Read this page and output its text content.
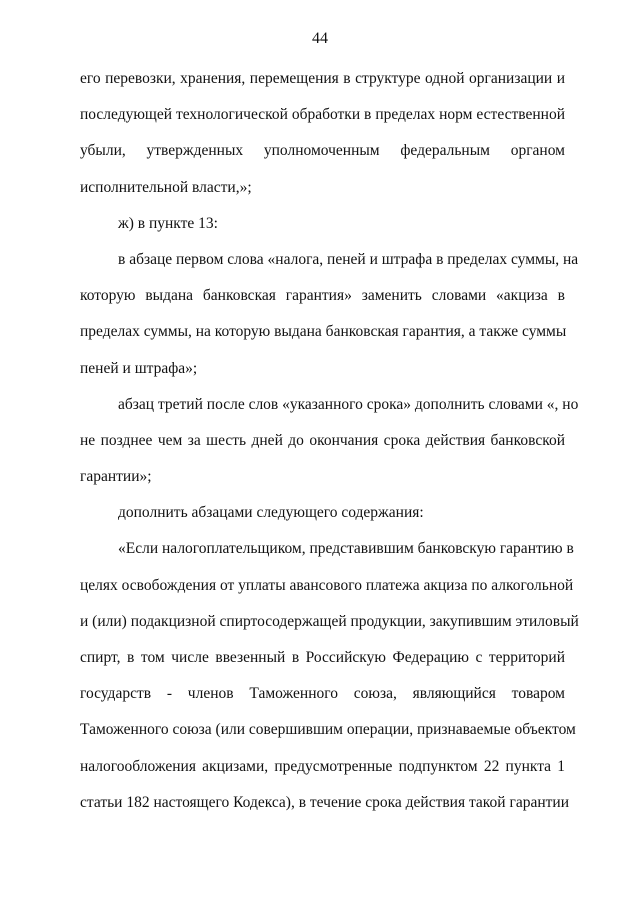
44
его перевозки, хранения, перемещения в структуре одной организации и
последующей технологической обработки в пределах норм естественной
убыли, утвержденных уполномоченным федеральным органом
исполнительной власти,»;
ж) в пункте 13:
в абзаце первом слова «налога, пеней и штрафа в пределах суммы, на
которую выдана банковская гарантия» заменить словами «акциза в
пределах суммы, на которую выдана банковская гарантия, а также суммы
пеней и штрафа»;
абзац третий после слов «указанного срока» дополнить словами «, но
не позднее чем за шесть дней до окончания срока действия банковской
гарантии»;
дополнить абзацами следующего содержания:
«Если налогоплательщиком, представившим банковскую гарантию в
целях освобождения от уплаты авансового платежа акциза по алкогольной
и (или) подакцизной спиртосодержащей продукции, закупившим этиловый
спирт, в том числе ввезенный в Российскую Федерацию с территорий
государств - членов Таможенного союза, являющийся товаром
Таможенного союза (или совершившим операции, признаваемые объектом
налогообложения акцизами, предусмотренные подпунктом 22 пункта 1
статьи 182 настоящего Кодекса), в течение срока действия такой гарантии
